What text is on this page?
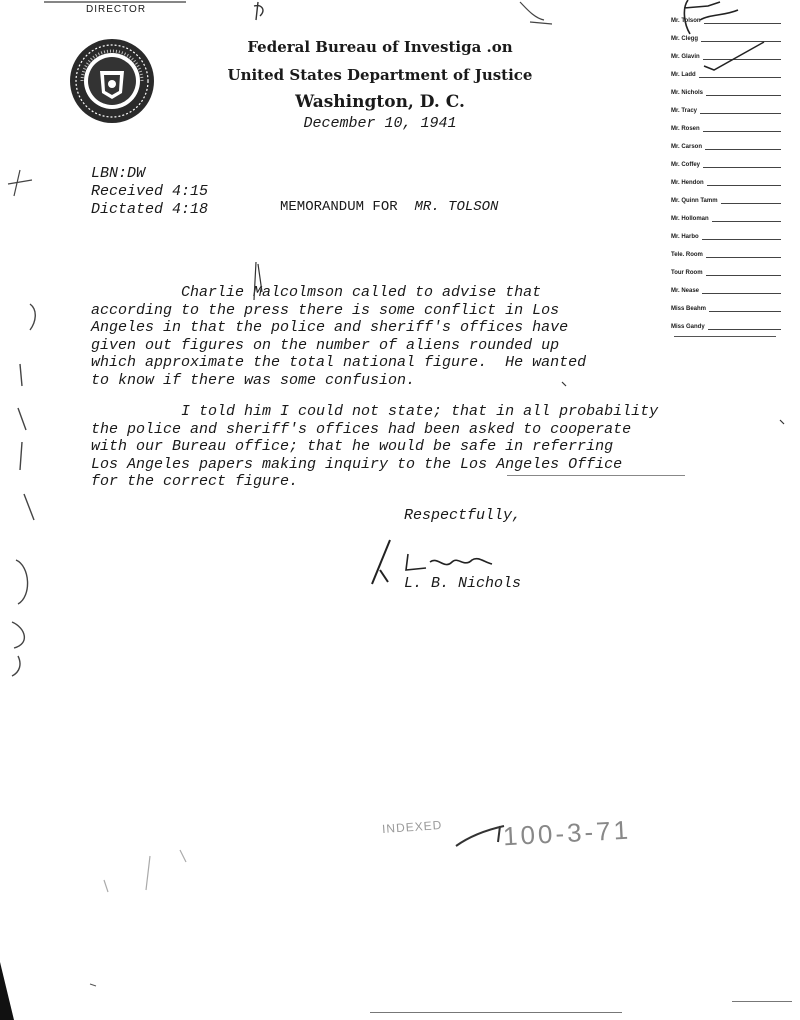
DIRECTOR
Federal Bureau of Investiga .on
United States Department of Justice
Washington, D. C.
December 10, 1941
Mr. Tolson
Mr. Clegg
Mr. Glavin
Mr. Ladd
Mr. Nichols
Mr. Tracy
Mr. Rosen
Mr. Carson
Mr. Coffey
Mr. Hendon
Mr. Quinn Tamm
Mr. Holloman
Mr. Harbo
Tele. Room
Tour Room
Mr. Nease
Miss Beahm
Miss Gandy
LBN:DW
Received 4:15
Dictated 4:18	MEMORANDUM FOR MR. TOLSON
Charlie Malcolmson called to advise that
according to the press there is some conflict in Los
Angeles in that the police and sheriff's offices have
given out figures on the number of aliens rounded up
which approximate the total national figure.  He wanted
to know if there was some confusion.
I told him I could not state; that in all probability
the police and sheriff's offices had been asked to cooperate
with our Bureau office; that he would be safe in referring
Los Angeles papers making inquiry to the Los Angeles Office
for the correct figure.
Respectfully,
L. B. Nichols
INDEXED 100-3-71
